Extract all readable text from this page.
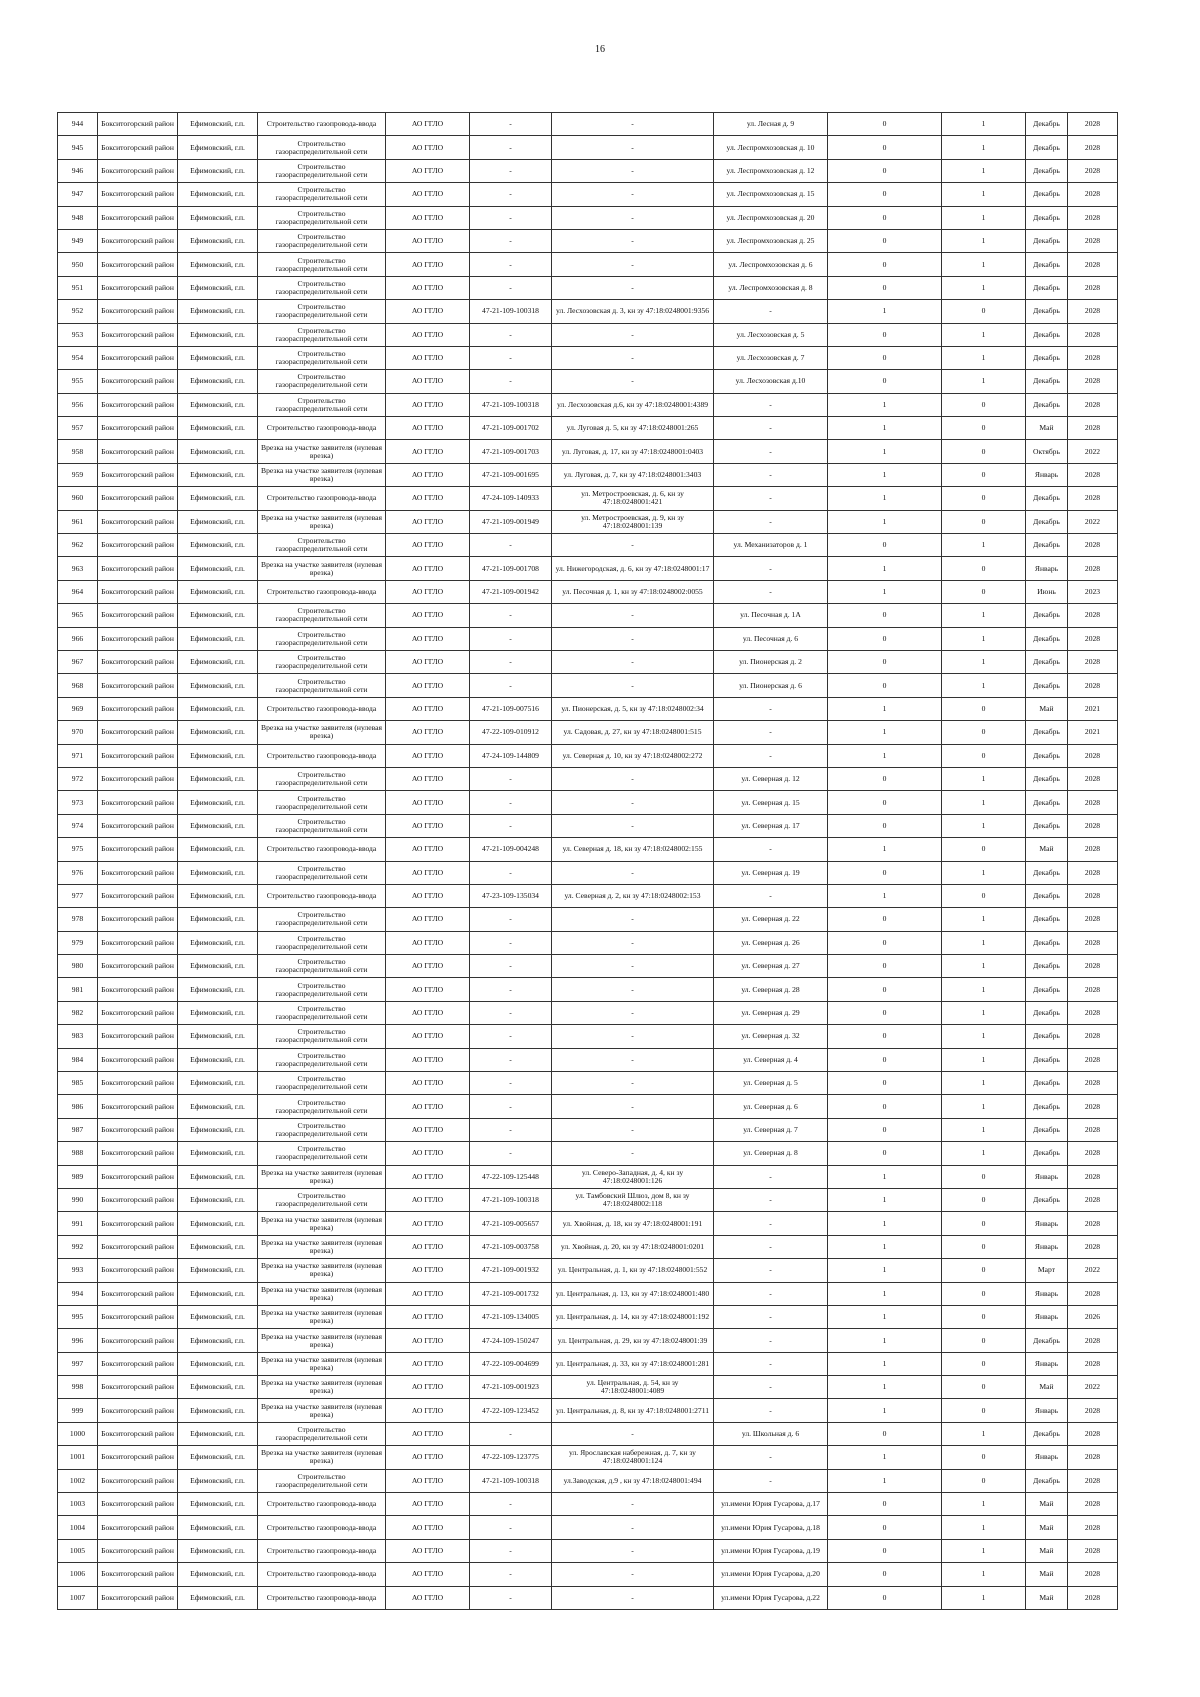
16
944	Бокситогорский район	Ефимовский, г.п.	Строительство газопровода-ввода	АО ГГЛО	-	-	ул. Лесная д. 9	0	1	Декабрь	2028
945	Бокситогорский район	Ефимовский, г.п.	Строительство газораспределительной сети	АО ГГЛО	-	-	ул. Леспромхозовская д. 10	0	1	Декабрь	2028
946	Бокситогорский район	Ефимовский, г.п.	Строительство газораспределительной сети	АО ГГЛО	-	-	ул. Леспромхозовская д. 12	0	1	Декабрь	2028
947	Бокситогорский район	Ефимовский, г.п.	Строительство газораспределительной сети	АО ГГЛО	-	-	ул. Леспромхозовская д. 15	0	1	Декабрь	2028
948	Бокситогорский район	Ефимовский, г.п.	Строительство газораспределительной сети	АО ГГЛО	-	-	ул. Леспромхозовская д. 20	0	1	Декабрь	2028
949	Бокситогорский район	Ефимовский, г.п.	Строительство газораспределительной сети	АО ГГЛО	-	-	ул. Леспромхозовская д. 25	0	1	Декабрь	2028
950	Бокситогорский район	Ефимовский, г.п.	Строительство газораспределительной сети	АО ГГЛО	-	-	ул. Леспромхозовская д. 6	0	1	Декабрь	2028
951	Бокситогорский район	Ефимовский, г.п.	Строительство газораспределительной сети	АО ГГЛО	-	-	ул. Леспромхозовская д. 8	0	1	Декабрь	2028
952	Бокситогорский район	Ефимовский, г.п.	Строительство газораспределительной сети	АО ГГЛО	47-21-109-100318	ул. Лесхозовская д. 3, кн зу 47:18:0248001:9356	-	1	0	Декабрь	2028
953	Бокситогорский район	Ефимовский, г.п.	Строительство газораспределительной сети	АО ГГЛО	-	-	ул. Лесхозовская д. 5	0	1	Декабрь	2028
954	Бокситогорский район	Ефимовский, г.п.	Строительство газораспределительной сети	АО ГГЛО	-	-	ул. Лесхозовская д. 7	0	1	Декабрь	2028
955	Бокситогорский район	Ефимовский, г.п.	Строительство газораспределительной сети	АО ГГЛО	-	-	ул. Лесхозовская д.10	0	1	Декабрь	2028
956	Бокситогорский район	Ефимовский, г.п.	Строительство газораспределительной сети	АО ГГЛО	47-21-109-100318	ул. Лесхозовская д.6, кн зу 47:18:0248001:4389	-	1	0	Декабрь	2028
957	Бокситогорский район	Ефимовский, г.п.	Строительство газопровода-ввода	АО ГГЛО	47-21-109-001702	ул. Луговая д. 5, кн зу 47:18:0248001:265	-	1	0	Май	2028
958	Бокситогорский район	Ефимовский, г.п.	Врезка на участке заявителя (нулевая врезка)	АО ГГЛО	47-21-109-001703	ул. Луговая, д. 17, кн зу 47:18:0248001:0403	-	1	0	Октябрь	2022
959	Бокситогорский район	Ефимовский, г.п.	Врезка на участке заявителя (нулевая врезка)	АО ГГЛО	47-21-109-001695	ул. Луговая, д. 7, кн зу 47:18:0248001:3403	-	1	0	Январь	2028
960	Бокситогорский район	Ефимовский, г.п.	Строительство газопровода-ввода	АО ГГЛО	47-24-109-140933	ул. Метростроевская, д. 6, кн зу 47:18:0248001:421	-	1	0	Декабрь	2028
961	Бокситогорский район	Ефимовский, г.п.	Врезка на участке заявителя (нулевая врезка)	АО ГГЛО	47-21-109-001949	ул. Метростроевская, д. 9, кн зу 47:18:0248001:139	-	1	0	Декабрь	2022
962	Бокситогорский район	Ефимовский, г.п.	Строительство газораспределительной сети	АО ГГЛО	-	-	ул. Механизаторов д. 1	0	1	Декабрь	2028
963	Бокситогорский район	Ефимовский, г.п.	Врезка на участке заявителя (нулевая врезка)	АО ГГЛО	47-21-109-001708	ул. Нижегородская, д. 6, кн зу 47:18:0248001:17	-	1	0	Январь	2028
964	Бокситогорский район	Ефимовский, г.п.	Строительство газопровода-ввода	АО ГГЛО	47-21-109-001942	ул. Песочная д. 1, кн зу 47:18:0248002:0055	-	1	0	Июнь	2023
965	Бокситогорский район	Ефимовский, г.п.	Строительство газораспределительной сети	АО ГГЛО	-	-	ул. Песочная д. 1А	0	1	Декабрь	2028
966	Бокситогорский район	Ефимовский, г.п.	Строительство газораспределительной сети	АО ГГЛО	-	-	ул. Песочная д. 6	0	1	Декабрь	2028
967	Бокситогорский район	Ефимовский, г.п.	Строительство газораспределительной сети	АО ГГЛО	-	-	ул. Пионерская д. 2	0	1	Декабрь	2028
968	Бокситогорский район	Ефимовский, г.п.	Строительство газораспределительной сети	АО ГГЛО	-	-	ул. Пионерская д. 6	0	1	Декабрь	2028
969	Бокситогорский район	Ефимовский, г.п.	Строительство газопровода-ввода	АО ГГЛО	47-21-109-007516	ул. Пионерская, д. 5, кн зу 47:18:0248002:34	-	1	0	Май	2021
970	Бокситогорский район	Ефимовский, г.п.	Врезка на участке заявителя (нулевая врезка)	АО ГГЛО	47-22-109-010912	ул. Садовая, д. 27, кн зу 47:18:0248001:515	-	1	0	Декабрь	2021
971	Бокситогорский район	Ефимовский, г.п.	Строительство газопровода-ввода	АО ГГЛО	47-24-109-144809	ул. Северная д. 10, кн зу 47:18:0248002:272	-	1	0	Декабрь	2028
972	Бокситогорский район	Ефимовский, г.п.	Строительство газораспределительной сети	АО ГГЛО	-	-	ул. Северная д. 12	0	1	Декабрь	2028
973	Бокситогорский район	Ефимовский, г.п.	Строительство газораспределительной сети	АО ГГЛО	-	-	ул. Северная д. 15	0	1	Декабрь	2028
974	Бокситогорский район	Ефимовский, г.п.	Строительство газораспределительной сети	АО ГГЛО	-	-	ул. Северная д. 17	0	1	Декабрь	2028
975	Бокситогорский район	Ефимовский, г.п.	Строительство газопровода-ввода	АО ГГЛО	47-21-109-004248	ул. Северная д. 18, кн зу 47:18:0248002:155	-	1	0	Май	2028
976	Бокситогорский район	Ефимовский, г.п.	Строительство газораспределительной сети	АО ГГЛО	-	-	ул. Северная д. 19	0	1	Декабрь	2028
977	Бокситогорский район	Ефимовский, г.п.	Строительство газопровода-ввода	АО ГГЛО	47-23-109-135034	ул. Северная д. 2, кн зу 47:18:0248002:153	-	1	0	Декабрь	2028
978	Бокситогорский район	Ефимовский, г.п.	Строительство газораспределительной сети	АО ГГЛО	-	-	ул. Северная д. 22	0	1	Декабрь	2028
979	Бокситогорский район	Ефимовский, г.п.	Строительство газораспределительной сети	АО ГГЛО	-	-	ул. Северная д. 26	0	1	Декабрь	2028
980	Бокситогорский район	Ефимовский, г.п.	Строительство газораспределительной сети	АО ГГЛО	-	-	ул. Северная д. 27	0	1	Декабрь	2028
981	Бокситогорский район	Ефимовский, г.п.	Строительство газораспределительной сети	АО ГГЛО	-	-	ул. Северная д. 28	0	1	Декабрь	2028
982	Бокситогорский район	Ефимовский, г.п.	Строительство газораспределительной сети	АО ГГЛО	-	-	ул. Северная д. 29	0	1	Декабрь	2028
983	Бокситогорский район	Ефимовский, г.п.	Строительство газораспределительной сети	АО ГГЛО	-	-	ул. Северная д. 32	0	1	Декабрь	2028
984	Бокситогорский район	Ефимовский, г.п.	Строительство газораспределительной сети	АО ГГЛО	-	-	ул. Северная д. 4	0	1	Декабрь	2028
985	Бокситогорский район	Ефимовский, г.п.	Строительство газораспределительной сети	АО ГГЛО	-	-	ул. Северная д. 5	0	1	Декабрь	2028
986	Бокситогорский район	Ефимовский, г.п.	Строительство газораспределительной сети	АО ГГЛО	-	-	ул. Северная д. 6	0	1	Декабрь	2028
987	Бокситогорский район	Ефимовский, г.п.	Строительство газораспределительной сети	АО ГГЛО	-	-	ул. Северная д. 7	0	1	Декабрь	2028
988	Бокситогорский район	Ефимовский, г.п.	Строительство газораспределительной сети	АО ГГЛО	-	-	ул. Северная д. 8	0	1	Декабрь	2028
989	Бокситогорский район	Ефимовский, г.п.	Врезка на участке заявителя (нулевая врезка)	АО ГГЛО	47-22-109-125448	ул. Северо-Западная, д. 4, кн зу 47:18:0248001:126	-	1	0	Январь	2028
990	Бокситогорский район	Ефимовский, г.п.	Строительство газораспределительной сети	АО ГГЛО	47-21-109-100318	ул. Тамбовский Шлюз, дом 8, кн зу 47:18:0248002:118	-	1	0	Декабрь	2028
991	Бокситогорский район	Ефимовский, г.п.	Врезка на участке заявителя (нулевая врезка)	АО ГГЛО	47-21-109-005657	ул. Хвойная, д. 18, кн зу 47:18:0248001:191	-	1	0	Январь	2028
992	Бокситогорский район	Ефимовский, г.п.	Врезка на участке заявителя (нулевая врезка)	АО ГГЛО	47-21-109-003758	ул. Хвойная, д. 20, кн зу 47:18:0248001:0201	-	1	0	Январь	2028
993	Бокситогорский район	Ефимовский, г.п.	Врезка на участке заявителя (нулевая врезка)	АО ГГЛО	47-21-109-001932	ул. Центральная, д. 1, кн зу 47:18:0248001:552	-	1	0	Март	2022
994	Бокситогорский район	Ефимовский, г.п.	Врезка на участке заявителя (нулевая врезка)	АО ГГЛО	47-21-109-001732	ул. Центральная, д. 13, кн зу 47:18:0248001:480	-	1	0	Январь	2028
995	Бокситогорский район	Ефимовский, г.п.	Врезка на участке заявителя (нулевая врезка)	АО ГГЛО	47-21-109-134005	ул. Центральная, д. 14, кн зу 47:18:0248001:192	-	1	0	Январь	2026
996	Бокситогорский район	Ефимовский, г.п.	Врезка на участке заявителя (нулевая врезка)	АО ГГЛО	47-24-109-150247	ул. Центральная, д. 29, кн зу 47:18:0248001:39	-	1	0	Декабрь	2028
997	Бокситогорский район	Ефимовский, г.п.	Врезка на участке заявителя (нулевая врезка)	АО ГГЛО	47-22-109-004699	ул. Центральная, д. 33, кн зу 47:18:0248001:281	-	1	0	Январь	2028
998	Бокситогорский район	Ефимовский, г.п.	Врезка на участке заявителя (нулевая врезка)	АО ГГЛО	47-21-109-001923	ул. Центральная, д. 54, кн зу 47:18:0248001:4089	-	1	0	Май	2022
999	Бокситогорский район	Ефимовский, г.п.	Врезка на участке заявителя (нулевая врезка)	АО ГГЛО	47-22-109-123452	ул. Центральная, д. 8, кн зу 47:18:0248001:2711	-	1	0	Январь	2028
1000	Бокситогорский район	Ефимовский, г.п.	Строительство газораспределительной сети	АО ГГЛО	-	-	ул. Школьная д. 6	0	1	Декабрь	2028
1001	Бокситогорский район	Ефимовский, г.п.	Врезка на участке заявителя (нулевая врезка)	АО ГГЛО	47-22-109-123775	ул. Ярославская набережная, д. 7, кн зу 47:18:0248001:124	-	1	0	Январь	2028
1002	Бокситогорский район	Ефимовский, г.п.	Строительство газораспределительной сети	АО ГГЛО	47-21-109-100318	ул.Заводская, д.9 , кн зу 47:18:0248001:494	-	1	0	Декабрь	2028
1003	Бокситогорский район	Ефимовский, г.п.	Строительство газопровода-ввода	АО ГГЛО	-	-	ул.имени Юрия Гусарова, д.17	0	1	Май	2028
1004	Бокситогорский район	Ефимовский, г.п.	Строительство газопровода-ввода	АО ГГЛО	-	-	ул.имени Юрия Гусарова, д.18	0	1	Май	2028
1005	Бокситогорский район	Ефимовский, г.п.	Строительство газопровода-ввода	АО ГГЛО	-	-	ул.имени Юрия Гусарова, д.19	0	1	Май	2028
1006	Бокситогорский район	Ефимовский, г.п.	Строительство газопровода-ввода	АО ГГЛО	-	-	ул.имени Юрия Гусарова, д.20	0	1	Май	2028
1007	Бокситогорский район	Ефимовский, г.п.	Строительство газопровода-ввода	АО ГГЛО	-	-	ул.имени Юрия Гусарова, д.22	0	1	Май	2028
